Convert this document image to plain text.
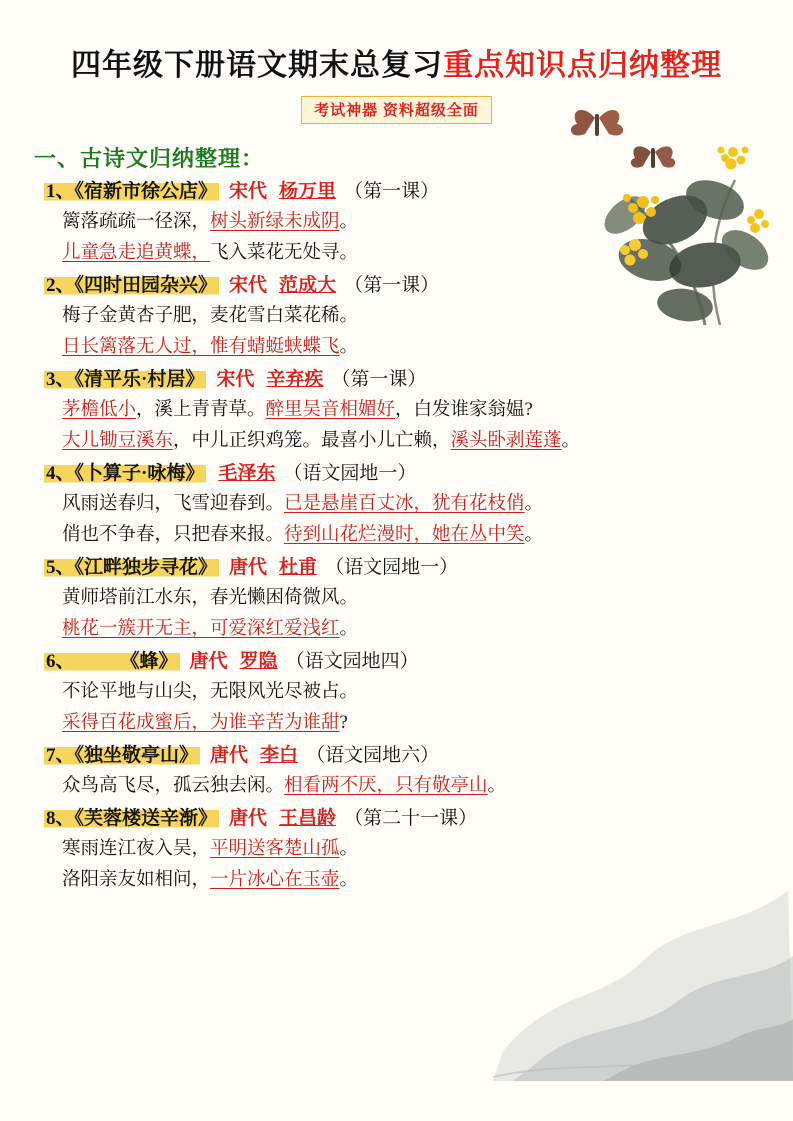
四年级下册语文期末总复习重点知识点归纳整理
考试神器 资料超级全面
一、古诗文归纳整理：
1、《宿新市徐公店》 宋代 杨万里 （第一课）
篱落疏疏一径深，树头新绿未成阴。
儿童急走追黄蝶，飞入菜花无处寻。
2、《四时田园杂兴》 宋代 范成大 （第一课）
梅子金黄杏子肥，麦花雪白菜花稀。
日长篱落无人过，惟有蜻蜓蛱蝶飞。
3、《清平乐·村居》 宋代 辛弃疾 （第一课）
茅檐低小，溪上青青草。醉里吴音相媚好，白发谁家翁媪?
大儿锄豆溪东，中儿正织鸡笼。最喜小儿亡赖，溪头卧剥莲蓬。
4、《卜算子·咏梅》 毛泽东 （语文园地一）
风雨送春归，飞雪迎春到。已是悬崖百丈冰，犹有花枝俏。
俏也不争春，只把春来报。待到山花烂漫时，她在丛中笑。
5、《江畔独步寻花》 唐代 杜甫 （语文园地一）
黄师塔前江水东，春光懒困倚微风。
桃花一簇开无主，可爱深红爱浅红。
6、 《蜂》 唐代 罗隐 （语文园地四）
不论平地与山尖，无限风光尽被占。
采得百花成蜜后，为谁辛苦为谁甜?
7、《独坐敬亭山》 唐代 李白 （语文园地六）
众鸟高飞尽，孤云独去闲。相看两不厌，只有敬亭山。
8、《芙蓉楼送辛渐》 唐代 王昌龄 （第二十一课）
寒雨连江夜入吴，平明送客楚山孤。
洛阳亲友如相问，一片冰心在玉壶。
